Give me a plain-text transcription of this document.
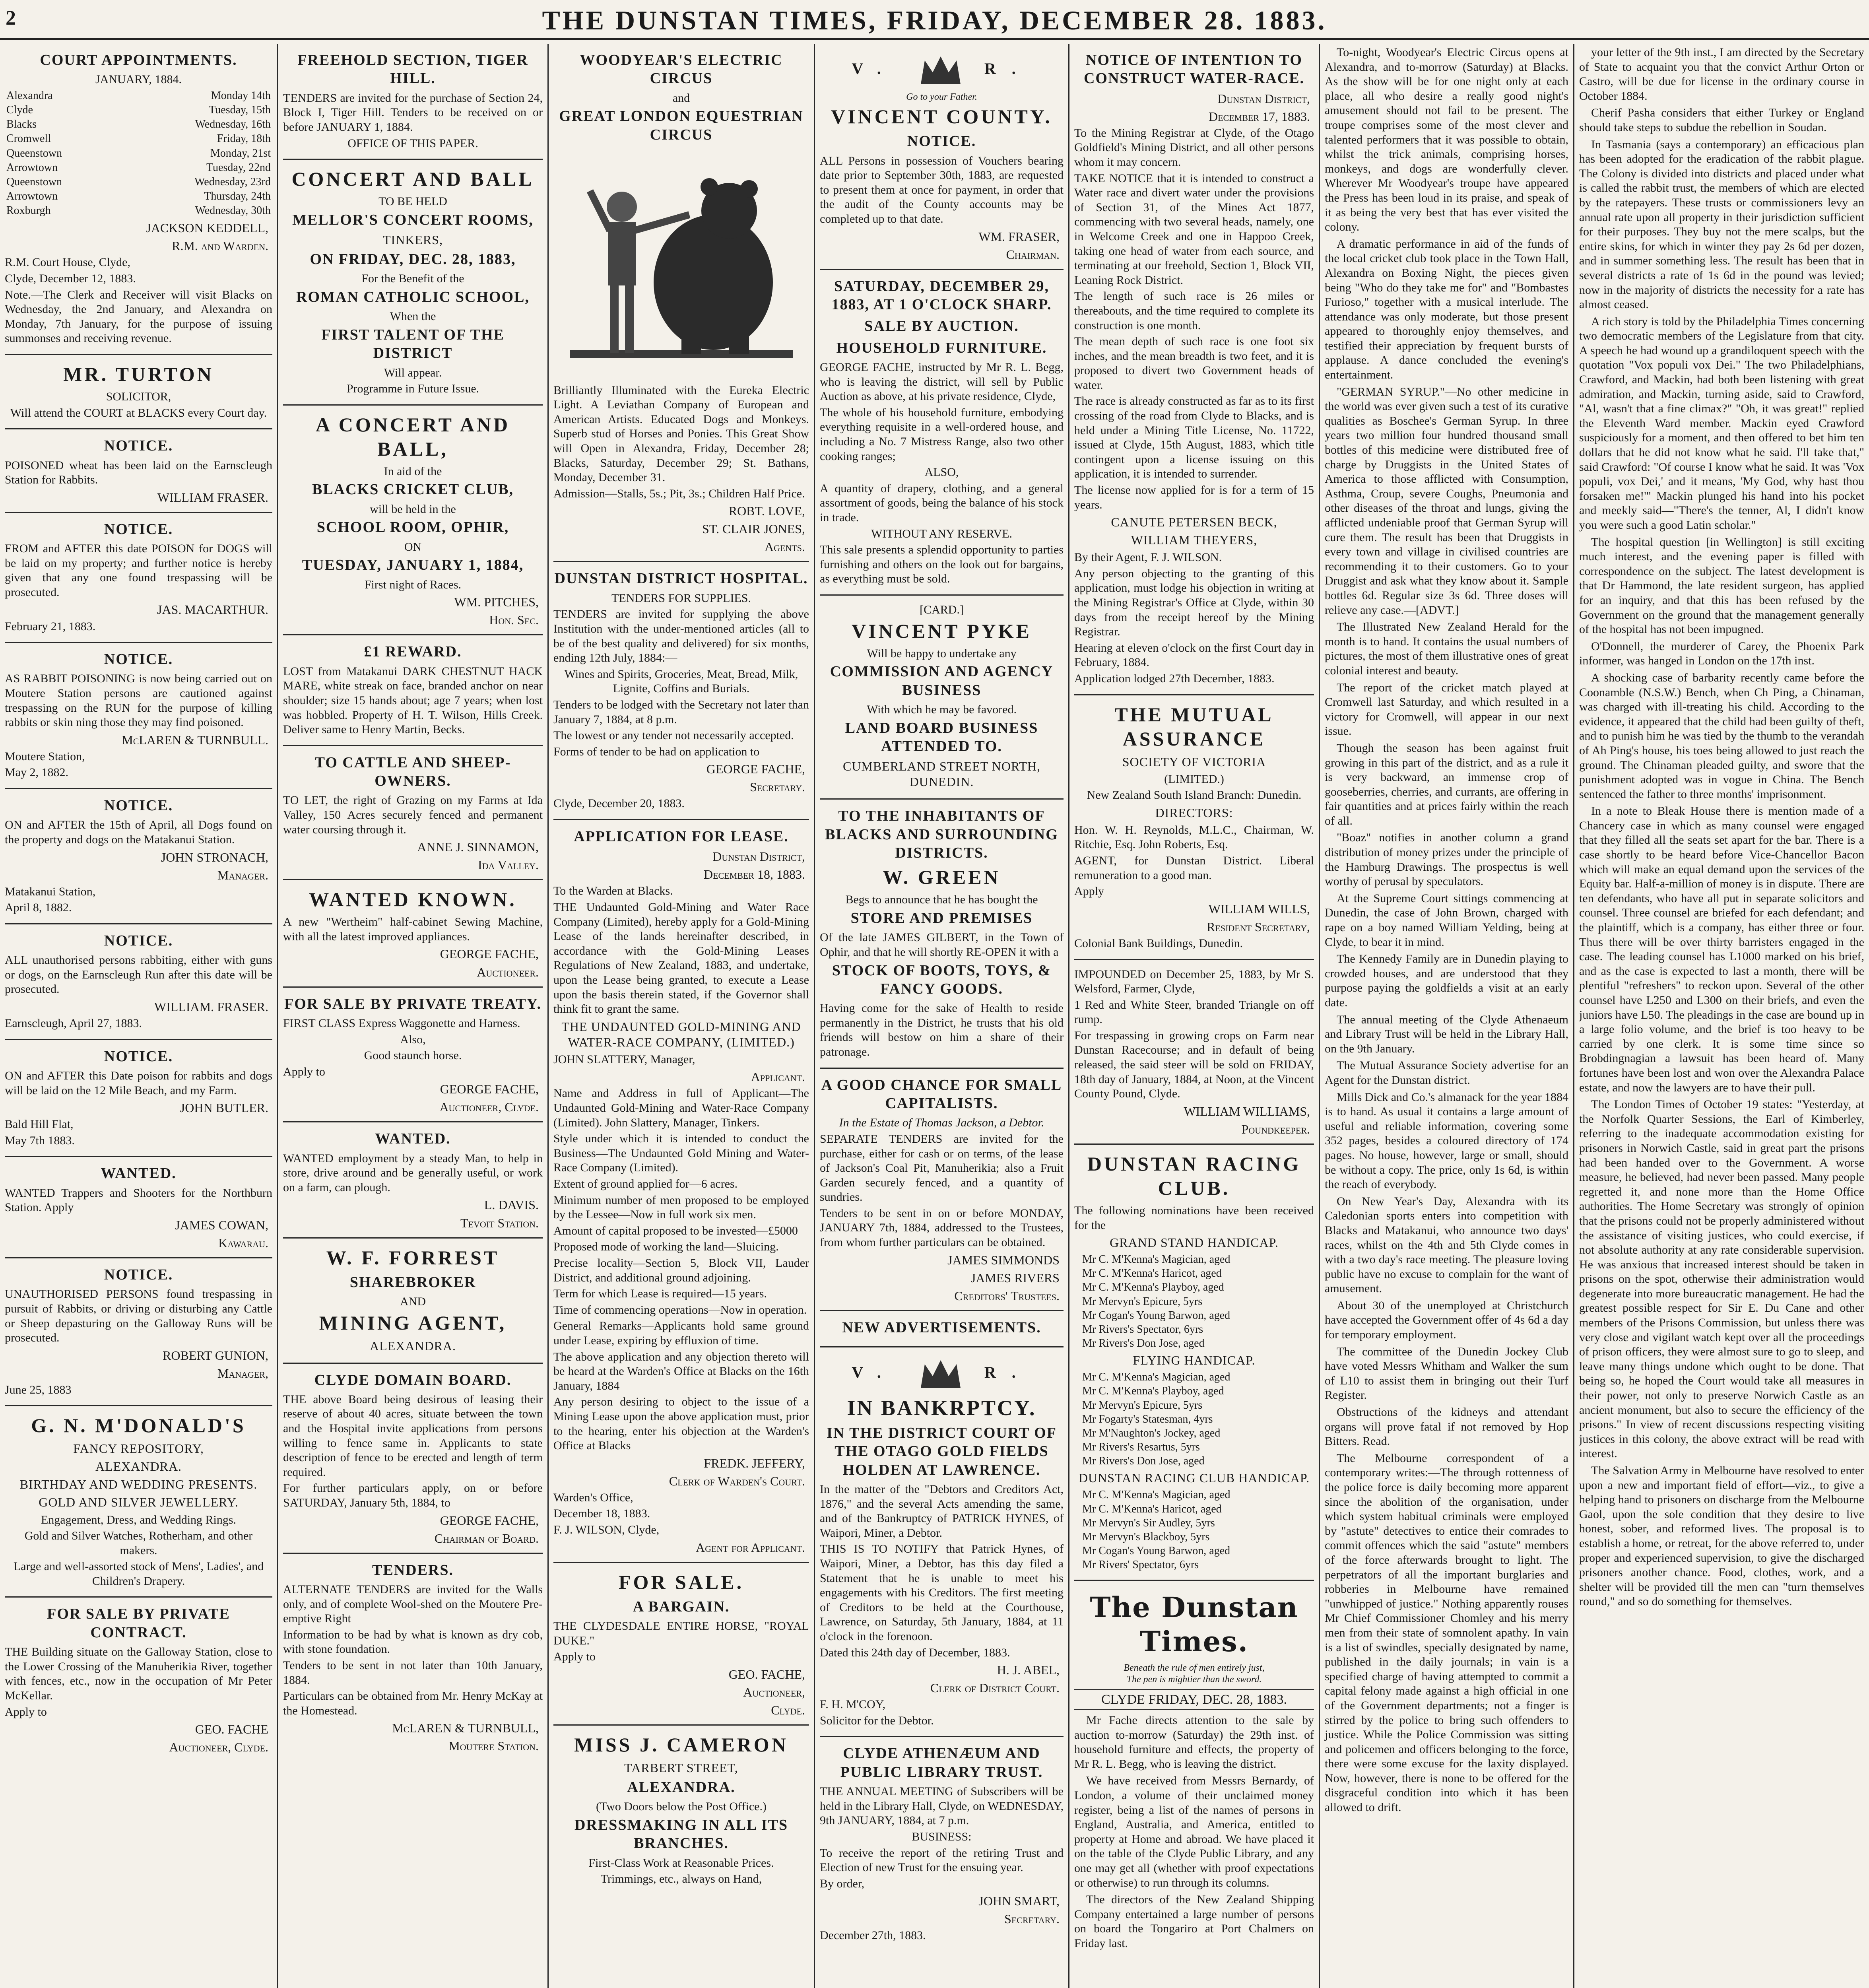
2	THE DUNSTAN TIMES, FRIDAY, DECEMBER 28. 1883.
COURT APPOINTMENTS.
JANUARY, 1884.
Alexandra	Monday 14th
Clyde	Tuesday, 15th
Blacks	Wednesday, 16th
Cromwell	Friday, 18th
Queenstown	Monday, 21st
Arrowtown	Tuesday, 22nd
Queenstown	Wednesday, 23rd
Arrowtown	Thursday, 24th
Roxburgh	Wednesday, 30th
JACKSON KEDDELL,
R.M. and Warden.
R.M. Court House, Clyde,
Clyde, December 12, 1883.
Note.—The Clerk and Receiver will visit Blacks on Wednesday, the 2nd January, and Alexandra on Monday, 7th January, for the purpose of issuing summonses and receiving revenue.
MR. TURTON
SOLICITOR,
Will attend the COURT at BLACKS every Court day.
NOTICE.
POISONED wheat has been laid on the Earnscleugh Station for Rabbits.
WILLIAM FRASER.
NOTICE.
FROM and AFTER this date POISON for DOGS will be laid on my property; and further notice is hereby given that any one found trespassing will be prosecuted.
JAS. MACARTHUR.
February 21, 1883.
NOTICE.
AS RABBIT POISONING is now being carried out on Moutere Station persons are cautioned against trespassing on the RUN for the purpose of killing rabbits or skin ning those they may find poisoned.
McLAREN & TURNBULL.
Moutere Station,
May 2, 1882.
NOTICE.
ON and AFTER the 15th of April, all Dogs found on the property and dogs on the Matakanui Station.
JOHN STRONACH,
Manager.
Matakanui Station,
April 8, 1882.
NOTICE.
ALL unauthorised persons rabbiting, either with guns or dogs, on the Earnscleugh Run after this date will be prosecuted.
WILLIAM. FRASER.
Earnscleugh, April 27, 1883.
NOTICE.
ON and AFTER this Date poison for rabbits and dogs will be laid on the 12 Mile Beach, and my Farm.
JOHN BUTLER.
Bald Hill Flat,
May 7th 1883.
WANTED.
WANTED Trappers and Shooters for the Northburn Station. Apply
JAMES COWAN,
Kawarau.
NOTICE.
UNAUTHORISED PERSONS found trespassing in pursuit of Rabbits, or driving or disturbing any Cattle or Sheep depasturing on the Galloway Runs will be prosecuted.
ROBERT GUNION,
Manager,
June 25, 1883
G. N. M'DONALD'S
FANCY REPOSITORY,
ALEXANDRA.
BIRTHDAY AND WEDDING PRESENTS.
GOLD AND SILVER JEWELLERY.
Engagement, Dress, and Wedding Rings.
Gold and Silver Watches, Rotherham, and other makers.
Large and well-assorted stock of Mens', Ladies', and Children's Drapery.
FOR SALE BY PRIVATE CONTRACT.
THE Building situate on the Galloway Station, close to the Lower Crossing of the Manuherikia River, together with fences, etc., now in the occupation of Mr Peter McKellar.
Apply to
GEO. FACHE
Auctioneer, Clyde.
FREEHOLD SECTION, TIGER HILL.
TENDERS are invited for the purchase of Section 24, Block I, Tiger Hill. Tenders to be received on or before JANUARY 1, 1884.
OFFICE OF THIS PAPER.
CONCERT AND BALL
TO BE HELD
MELLOR'S CONCERT ROOMS,
TINKERS,
ON FRIDAY, DEC. 28, 1883,
For the Benefit of the
ROMAN CATHOLIC SCHOOL,
When the
FIRST TALENT OF THE DISTRICT
Will appear.
Programme in Future Issue.
A CONCERT AND BALL,
In aid of the
BLACKS CRICKET CLUB,
will be held in the
SCHOOL ROOM, OPHIR,
ON
TUESDAY, JANUARY 1, 1884,
First night of Races.
WM. PITCHES,
Hon. Sec.
£1 REWARD.
LOST from Matakanui DARK CHESTNUT HACK MARE, white streak on face, branded anchor on near shoulder; size 15 hands about; age 7 years; when lost was hobbled. Property of H. T. Wilson, Hills Creek. Deliver same to Henry Martin, Becks.
TO CATTLE AND SHEEP-OWNERS.
TO LET, the right of Grazing on my Farms at Ida Valley, 150 Acres securely fenced and permanent water coursing through it.
ANNE J. SINNAMON,
Ida Valley.
WANTED KNOWN.
A new "Wertheim" half-cabinet Sewing Machine, with all the latest improved appliances.
GEORGE FACHE,
Auctioneer.
FOR SALE BY PRIVATE TREATY.
FIRST CLASS Express Waggonette and Harness.
Also,
Good staunch horse.
Apply to
GEORGE FACHE,
Auctioneer, Clyde.
WANTED.
WANTED employment by a steady Man, to help in store, drive around and be generally useful, or work on a farm, can plough.
L. DAVIS.
Tevoit Station.
W. F. FORREST
SHAREBROKER
AND
MINING AGENT,
ALEXANDRA.
CLYDE DOMAIN BOARD.
THE above Board being desirous of leasing their reserve of about 40 acres, situate between the town and the Hospital invite applications from persons willing to fence same in. Applicants to state description of fence to be erected and length of term required.
For further particulars apply, on or before SATURDAY, January 5th, 1884, to
GEORGE FACHE,
Chairman of Board.
TENDERS.
ALTERNATE TENDERS are invited for the Walls only, and of complete Wool-shed on the Moutere Pre-emptive Right
Information to be had by what is known as dry cob, with stone foundation.
Tenders to be sent in not later than 10th January, 1884.
Particulars can be obtained from Mr. Henry McKay at the Homestead.
McLAREN & TURNBULL,
Moutere Station.
WOODYEAR'S ELECTRIC CIRCUS
and
GREAT LONDON EQUESTRIAN CIRCUS
Brilliantly Illuminated with the Eureka Electric Light. A Leviathan Company of European and American Artists. Educated Dogs and Monkeys. Superb stud of Horses and Ponies. This Great Show will Open in Alexandra, Friday, December 28; Blacks, Saturday, December 29; St. Bathans, Monday, December 31.
Admission—Stalls, 5s.; Pit, 3s.; Children Half Price.
ROBT. LOVE,
ST. CLAIR JONES,
Agents.
DUNSTAN DISTRICT HOSPITAL.
TENDERS FOR SUPPLIES.
TENDERS are invited for supplying the above Institution with the under-mentioned articles (all to be of the best quality and delivered) for six months, ending 12th July, 1884:—
Wines and Spirits, Groceries, Meat, Bread, Milk, Lignite, Coffins and Burials.
Tenders to be lodged with the Secretary not later than January 7, 1884, at 8 p.m.
The lowest or any tender not necessarily accepted.
Forms of tender to be had on application to
GEORGE FACHE,
Secretary.
Clyde, December 20, 1883.
APPLICATION FOR LEASE.
Dunstan District,
December 18, 1883.
To the Warden at Blacks.
THE Undaunted Gold-Mining and Water Race Company (Limited), hereby apply for a Gold-Mining Lease of the lands hereinafter described, in accordance with the Gold-Mining Leases Regulations of New Zealand, 1883, and undertake, upon the Lease being granted, to execute a Lease upon the basis therein stated, if the Governor shall think fit to grant the same.
THE UNDAUNTED GOLD-MINING AND WATER-RACE COMPANY, (LIMITED.)
JOHN SLATTERY, Manager,
Applicant.
Name and Address in full of Applicant—The Undaunted Gold-Mining and Water-Race Company (Limited). John Slattery, Manager, Tinkers.
Style under which it is intended to conduct the Business—The Undaunted Gold Mining and Water-Race Company (Limited).
Extent of ground applied for—6 acres.
Minimum number of men proposed to be employed by the Lessee—Now in full work six men.
Amount of capital proposed to be invested—£5000
Proposed mode of working the land—Sluicing.
Precise locality—Section 5, Block VII, Lauder District, and additional ground adjoining.
Term for which Lease is required—15 years.
Time of commencing operations—Now in operation.
General Remarks—Applicants hold same ground under Lease, expiring by effluxion of time.
The above application and any objection thereto will be heard at the Warden's Office at Blacks on the 16th January, 1884
Any person desiring to object to the issue of a Mining Lease upon the above application must, prior to the hearing, enter his objection at the Warden's Office at Blacks
FREDK. JEFFERY,
Clerk of Warden's Court.
Warden's Office,
December 18, 1883.
F. J. WILSON, Clyde,
Agent for Applicant.
FOR SALE.
A BARGAIN.
THE CLYDESDALE ENTIRE HORSE, "ROYAL DUKE."
Apply to
GEO. FACHE,
Auctioneer,
Clyde.
MISS J. CAMERON
TARBERT STREET,
ALEXANDRA.
(Two Doors below the Post Office.)
DRESSMAKING IN ALL ITS BRANCHES.
First-Class Work at Reasonable Prices.
Trimmings, etc., always on Hand,
V.	R.
Go to your Father.
VINCENT COUNTY.
NOTICE.
ALL Persons in possession of Vouchers bearing date prior to September 30th, 1883, are requested to present them at once for payment, in order that the audit of the County accounts may be completed up to that date.
WM. FRASER,
Chairman.
SATURDAY, DECEMBER 29, 1883, AT 1 O'CLOCK SHARP.
SALE BY AUCTION.
HOUSEHOLD FURNITURE.
GEORGE FACHE, instructed by Mr R. L. Begg, who is leaving the district, will sell by Public Auction as above, at his private residence, Clyde,
The whole of his household furniture, embodying everything requisite in a well-ordered house, and including a No. 7 Mistress Range, also two other cooking ranges;
ALSO,
A quantity of drapery, clothing, and a general assortment of goods, being the balance of his stock in trade.
WITHOUT ANY RESERVE.
This sale presents a splendid opportunity to parties furnishing and others on the look out for bargains, as everything must be sold.
[CARD.]
VINCENT PYKE
Will be happy to undertake any
COMMISSION AND AGENCY BUSINESS
With which he may be favored.
LAND BOARD BUSINESS ATTENDED TO.
CUMBERLAND STREET NORTH, DUNEDIN.
TO THE INHABITANTS OF BLACKS AND SURROUNDING DISTRICTS.
W. GREEN
Begs to announce that he has bought the
STORE AND PREMISES
Of the late JAMES GILBERT, in the Town of Ophir, and that he will shortly RE-OPEN it with a
STOCK OF BOOTS, TOYS, & FANCY GOODS.
Having come for the sake of Health to reside permanently in the District, he trusts that his old friends will bestow on him a share of their patronage.
A GOOD CHANCE FOR SMALL CAPITALISTS.
In the Estate of Thomas Jackson, a Debtor.
SEPARATE TENDERS are invited for the purchase, either for cash or on terms, of the lease of Jackson's Coal Pit, Manuherikia; also a Fruit Garden securely fenced, and a quantity of sundries.
Tenders to be sent in on or before MONDAY, JANUARY 7th, 1884, addressed to the Trustees, from whom further particulars can be obtained.
JAMES SIMMONDS
JAMES RIVERS
Creditors' Trustees.
NEW ADVERTISEMENTS.
V.	R.
IN BANKRPTCY.
IN THE DISTRICT COURT OF THE OTAGO GOLD FIELDS HOLDEN AT LAWRENCE.
In the matter of the "Debtors and Creditors Act, 1876," and the several Acts amending the same, and of the Bankruptcy of PATRICK HYNES, of Waipori, Miner, a Debtor.
THIS IS TO NOTIFY that Patrick Hynes, of Waipori, Miner, a Debtor, has this day filed a Statement that he is unable to meet his engagements with his Creditors. The first meeting of Creditors to be held at the Courthouse, Lawrence, on Saturday, 5th January, 1884, at 11 o'clock in the forenoon.
Dated this 24th day of December, 1883.
H. J. ABEL,
Clerk of District Court.
F. H. M'COY,
Solicitor for the Debtor.
CLYDE ATHENÆUM AND PUBLIC LIBRARY TRUST.
THE ANNUAL MEETING of Subscribers will be held in the Library Hall, Clyde, on WEDNESDAY, 9th JANUARY, 1884, at 7 p.m.
BUSINESS:
To receive the report of the retiring Trust and Election of new Trust for the ensuing year.
By order,
JOHN SMART,
Secretary.
December 27th, 1883.
NOTICE OF INTENTION TO CONSTRUCT WATER-RACE.
Dunstan District,
December 17, 1883.
To the Mining Registrar at Clyde, of the Otago Goldfield's Mining District, and all other persons whom it may concern.
TAKE NOTICE that it is intended to construct a Water race and divert water under the provisions of Section 31, of the Mines Act 1877, commencing with two several heads, namely, one in Welcome Creek and one in Happoo Creek, taking one head of water from each source, and terminating at our freehold, Section 1, Block VII, Leaning Rock District.
The length of such race is 26 miles or thereabouts, and the time required to complete its construction is one month.
The mean depth of such race is one foot six inches, and the mean breadth is two feet, and it is proposed to divert two Government heads of water.
The race is already constructed as far as to its first crossing of the road from Clyde to Blacks, and is held under a Mining Title License, No. 11722, issued at Clyde, 15th August, 1883, which title contingent upon a license issuing on this application, it is intended to surrender.
The license now applied for is for a term of 15 years.
CANUTE PETERSEN BECK,
WILLIAM THEYERS,
By their Agent, F. J. WILSON.
Any person objecting to the granting of this application, must lodge his objection in writing at the Mining Registrar's Office at Clyde, within 30 days from the receipt hereof by the Mining Registrar.
Hearing at eleven o'clock on the first Court day in February, 1884.
Application lodged 27th December, 1883.
THE MUTUAL ASSURANCE
SOCIETY OF VICTORIA
(LIMITED.)
New Zealand South Island Branch: Dunedin.
DIRECTORS:
Hon. W. H. Reynolds, M.L.C., Chairman, W. Ritchie, Esq. John Roberts, Esq.
AGENT, for Dunstan District. Liberal remuneration to a good man.
Apply
WILLIAM WILLS,
Resident Secretary,
Colonial Bank Buildings, Dunedin.
IMPOUNDED on December 25, 1883, by Mr S. Welsford, Farmer, Clyde,
1 Red and White Steer, branded Triangle on off rump.
For trespassing in growing crops on Farm near Dunstan Racecourse; and in default of being released, the said steer will be sold on FRIDAY, 18th day of January, 1884, at Noon, at the Vincent County Pound, Clyde.
WILLIAM WILLIAMS,
Poundkeeper.
DUNSTAN RACING CLUB.
The following nominations have been received for the
GRAND STAND HANDICAP.
Mr C. M'Kenna's Magician, aged
Mr C. M'Kenna's Haricot, aged
Mr C. M'Kenna's Playboy, aged
Mr Mervyn's Epicure, 5yrs
Mr Cogan's Young Barwon, aged
Mr Rivers's Spectator, 6yrs
Mr Rivers's Don Jose, aged
FLYING HANDICAP.
Mr C. M'Kenna's Magician, aged
Mr C. M'Kenna's Playboy, aged
Mr Mervyn's Epicure, 5yrs
Mr Fogarty's Statesman, 4yrs
Mr M'Naughton's Jockey, aged
Mr Rivers's Resartus, 5yrs
Mr Rivers's Don Jose, aged
DUNSTAN RACING CLUB HANDICAP.
Mr C. M'Kenna's Magician, aged
Mr C. M'Kenna's Haricot, aged
Mr Mervyn's Sir Audley, 5yrs
Mr Mervyn's Blackboy, 5yrs
Mr Cogan's Young Barwon, aged
Mr Rivers' Spectator, 6yrs
The Dunstan Times.
Beneath the rule of men entirely just,
The pen is mightier than the sword.
CLYDE FRIDAY, DEC. 28, 1883.

Mr Fache directs attention to the sale by auction to-morrow (Saturday) the 29th inst. of household furniture and effects, the property of Mr R. L. Begg, who is leaving the district.

We have received from Messrs Bernardy, of London, a volume of their unclaimed money register, being a list of the names of persons in England, Australia, and America, entitled to property at Home and abroad. We have placed it on the table of the Clyde Public Library, and any one may get all (whether with proof expectations or otherwise) to run through its columns.

The directors of the New Zealand Shipping Company entertained a large number of persons on board the Tongariro at Port Chalmers on Friday last.

To-night, Woodyear's Electric Circus opens at Alexandra, and to-morrow (Saturday) at Blacks. As the show will be for one night only at each place, all who desire a really good night's amusement should not fail to be present. The troupe comprises some of the most clever and talented performers that it was possible to obtain, whilst the trick animals, comprising horses, monkeys, and dogs are wonderfully clever. Wherever Mr Woodyear's troupe have appeared the Press has been loud in its praise, and speak of it as being the very best that has ever visited the colony.

A dramatic performance in aid of the funds of the local cricket club took place in the Town Hall, Alexandra on Boxing Night, the pieces given being "Who do they take me for" and "Bombastes Furioso," together with a musical interlude. The attendance was only moderate, but those present appeared to thoroughly enjoy themselves, and testified their appreciation by frequent bursts of applause. A dance concluded the evening's entertainment.

"GERMAN SYRUP."—No other medicine in the world was ever given such a test of its curative qualities as Boschee's German Syrup. In three years two million four hundred thousand small bottles of this medicine were distributed free of charge by Druggists in the United States of America to those afflicted with Consumption, Asthma, Croup, severe Coughs, Pneumonia and other diseases of the throat and lungs, giving the afflicted undeniable proof that German Syrup will cure them. The result has been that Druggists in every town and village in civilised countries are recommending it to their customers. Go to your Druggist and ask what they know about it. Sample bottles 6d. Regular size 3s 6d. Three doses will relieve any case.—[ADVT.]

The Illustrated New Zealand Herald for the month is to hand. It contains the usual numbers of pictures, the most of them illustrative ones of great colonial interest and beauty.

The report of the cricket match played at Cromwell last Saturday, and which resulted in a victory for Cromwell, will appear in our next issue.

Though the season has been against fruit growing in this part of the district, and as a rule it is very backward, an immense crop of gooseberries, cherries, and currants, are offering in fair quantities and at prices fairly within the reach of all.

"Boaz" notifies in another column a grand distribution of money prizes under the principle of the Hamburg Drawings. The prospectus is well worthy of perusal by speculators.

At the Supreme Court sittings commencing at Dunedin, the case of John Brown, charged with rape on a boy named William Yelding, being at Clyde, to bear it in mind.

The Kennedy Family are in Dunedin playing to crowded houses, and are understood that they purpose paying the goldfields a visit at an early date.

The annual meeting of the Clyde Athenaeum and Library Trust will be held in the Library Hall, on the 9th January.

The Mutual Assurance Society advertise for an Agent for the Dunstan district.

Mills Dick and Co.'s almanack for the year 1884 is to hand. As usual it contains a large amount of useful and reliable information, covering some 352 pages, besides a coloured directory of 174 pages. No house, however, large or small, should be without a copy. The price, only 1s 6d, is within the reach of everybody.

On New Year's Day, Alexandra with its Caledonian sports enters into competition with Blacks and Matakanui, who announce two days' races, whilst on the 4th and 5th Clyde comes in with a two day's race meeting. The pleasure loving public have no excuse to complain for the want of amusement.

About 30 of the unemployed at Christchurch have accepted the Government offer of 4s 6d a day for temporary employment.

The committee of the Dunedin Jockey Club have voted Messrs Whitham and Walker the sum of L10 to assist them in bringing out their Turf Register.

Obstructions of the kidneys and attendant organs will prove fatal if not removed by Hop Bitters. Read.

The Melbourne correspondent of a contemporary writes:—The through rottenness of the police force is daily becoming more apparent since the abolition of the organisation, under which system habitual criminals were employed by "astute" detectives to entice their comrades to commit offences which the said "astute" members of the force afterwards brought to light. The perpetrators of all the important burglaries and robberies in Melbourne have remained "unwhipped of justice." Nothing apparently rouses Mr Chief Commissioner Chomley and his merry men from their state of somnolent apathy. In vain is a list of swindles, specially designated by name, published in the daily journals; in vain is a specified charge of having attempted to commit a capital felony made against a high official in one of the Government departments; not a finger is stirred by the police to bring such offenders to justice. While the Police Commission was sitting and policemen and officers belonging to the force, there were some excuse for the laxity displayed. Now, however, there is none to be offered for the disgraceful condition into which it has been allowed to drift.

your letter of the 9th inst., I am directed by the Secretary of State to acquaint you that the convict Arthur Orton or Castro, will be due for license in the ordinary course in October 1884.

Cherif Pasha considers that either Turkey or England should take steps to subdue the rebellion in Soudan.

In Tasmania (says a contemporary) an efficacious plan has been adopted for the eradication of the rabbit plague. The Colony is divided into districts and placed under what is called the rabbit trust, the members of which are elected by the ratepayers. These trusts or commissioners levy an annual rate upon all property in their jurisdiction sufficient for their purposes. They buy not the mere scalps, but the entire skins, for which in winter they pay 2s 6d per dozen, and in summer something less. The result has been that in several districts a rate of 1s 6d in the pound was levied; now in the majority of districts the necessity for a rate has almost ceased.

A rich story is told by the Philadelphia Times concerning two democratic members of the Legislature from that city. A speech he had wound up a grandiloquent speech with the quotation "Vox populi vox Dei." The two Philadelphians, Crawford, and Mackin, had both been listening with great admiration, and Mackin, turning aside, said to Crawford, "Al, wasn't that a fine climax?" "Oh, it was great!" replied the Eleventh Ward member. Mackin eyed Crawford suspiciously for a moment, and then offered to bet him ten dollars that he did not know what he said. I'll take that," said Crawford: "Of course I know what he said. It was 'Vox populi, vox Dei,' and it means, 'My God, why hast thou forsaken me!'" Mackin plunged his hand into his pocket and meekly said—"There's the tenner, Al, I didn't know you were such a good Latin scholar."

The hospital question [in Wellington] is still exciting much interest, and the evening paper is filled with correspondence on the subject. The latest development is that Dr Hammond, the late resident surgeon, has applied for an inquiry, and that this has been refused by the Government on the ground that the management generally of the hospital has not been impugned.

O'Donnell, the murderer of Carey, the Phoenix Park informer, was hanged in London on the 17th inst.

A shocking case of barbarity recently came before the Coonamble (N.S.W.) Bench, when Ch Ping, a Chinaman, was charged with ill-treating his child. According to the evidence, it appeared that the child had been guilty of theft, and to punish him he was tied by the thumb to the verandah of Ah Ping's house, his toes being allowed to just reach the ground. The Chinaman pleaded guilty, and swore that the punishment adopted was in vogue in China. The Bench sentenced the father to three months' imprisonment.

In a note to Bleak House there is mention made of a Chancery case in which as many counsel were engaged that they filled all the seats set apart for the bar. There is a case shortly to be heard before Vice-Chancellor Bacon which will make an equal demand upon the services of the Equity bar. Half-a-million of money is in dispute. There are ten defendants, who have all put in separate solicitors and counsel. Three counsel are briefed for each defendant; and the plaintiff, which is a company, has either three or four. Thus there will be over thirty barristers engaged in the case. The leading counsel has L1000 marked on his brief, and as the case is expected to last a month, there will be plentiful "refreshers" to reckon upon. Several of the other counsel have L250 and L300 on their briefs, and even the juniors have L50. The pleadings in the case are bound up in a large folio volume, and the brief is too heavy to be carried by one clerk. It is some time since so Brobdingnagian a lawsuit has been heard of. Many fortunes have been lost and won over the Alexandra Palace estate, and now the lawyers are to have their pull.

The London Times of October 19 states: "Yesterday, at the Norfolk Quarter Sessions, the Earl of Kimberley, referring to the inadequate accommodation existing for prisoners in Norwich Castle, said in great part the prisons had been handed over to the Government. A worse measure, he believed, had never been passed. Many people regretted it, and none more than the Home Office authorities. The Home Secretary was strongly of opinion that the prisons could not be properly administered without the assistance of visiting justices, who could exercise, if not absolute authority at any rate considerable supervision. He was anxious that increased interest should be taken in prisons on the spot, otherwise their administration would degenerate into more bureaucratic management. He had the greatest possible respect for Sir E. Du Cane and other members of the Prisons Commission, but unless there was very close and vigilant watch kept over all the proceedings of prison officers, they were almost sure to go to sleep, and leave many things undone which ought to be done. That being so, he hoped the Court would take all measures in their power, not only to preserve Norwich Castle as an ancient monument, but also to secure the efficiency of the prisons." In view of recent discussions respecting visiting justices in this colony, the above extract will be read with interest.

The Salvation Army in Melbourne have resolved to enter upon a new and important field of effort—viz., to give a helping hand to prisoners on discharge from the Melbourne Gaol, upon the sole condition that they desire to live honest, sober, and reformed lives. The proposal is to establish a home, or retreat, for the above referred to, under proper and experienced supervision, to give the discharged prisoners another chance. Food, clothes, work, and a shelter will be provided till the men can "turn themselves round," and so do something for themselves.
